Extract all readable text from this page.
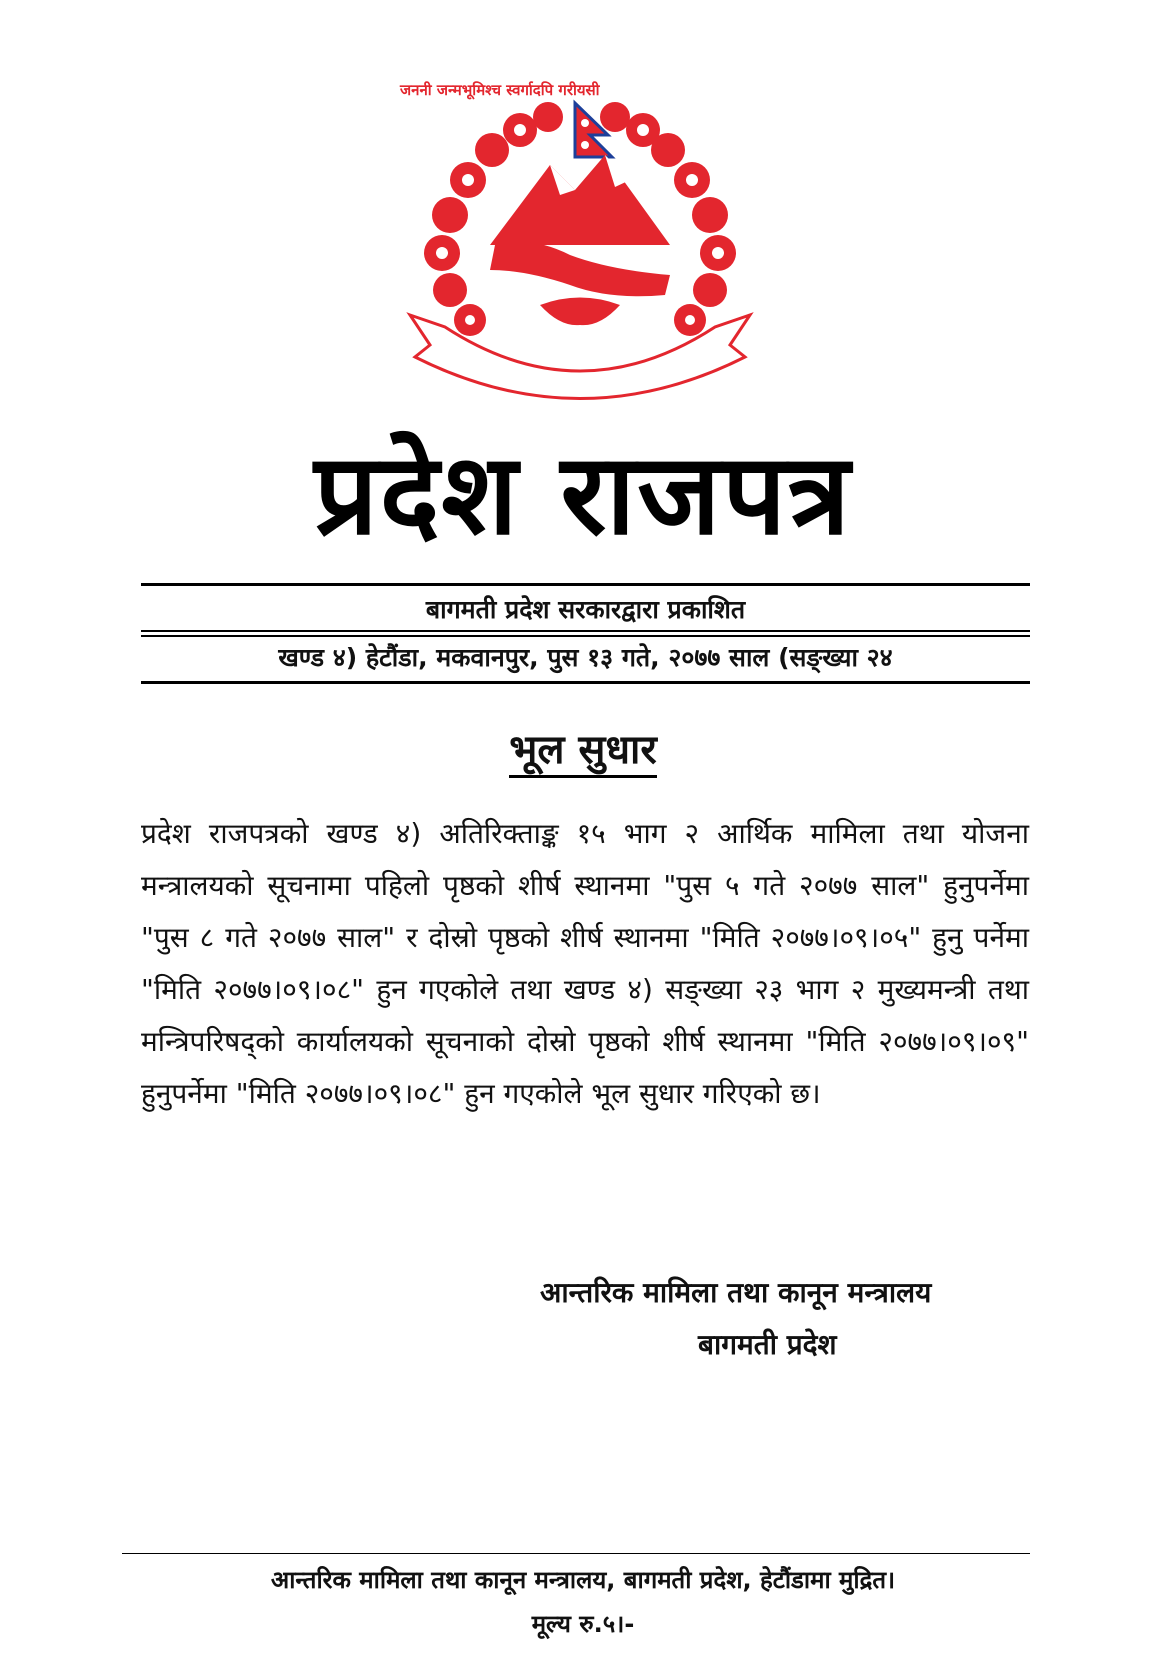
जननी जन्मभूमिश्च स्वर्गादपि गरीयसी
प्रदेश राजपत्र
बागमती प्रदेश सरकारद्वारा प्रकाशित
खण्ड ४) हेटौंडा, मकवानपुर, पुस १३ गते, २०७७ साल (सङ्ख्या २४
भूल सुधार

प्रदेश राजपत्रको खण्ड ४) अतिरिक्ताङ्क १५ भाग २ आर्थिक मामिला तथा योजना मन्त्रालयको सूचनामा पहिलो पृष्ठको शीर्ष स्थानमा "पुस ५ गते २०७७ साल" हुनुपर्नेमा "पुस ८ गते २०७७ साल" र दोस्रो पृष्ठको शीर्ष स्थानमा "मिति २०७७।०९।०५" हुनु पर्नेमा "मिति २०७७।०९।०८" हुन गएकोले तथा खण्ड ४) सङ्ख्या २३ भाग २ मुख्यमन्त्री तथा मन्त्रिपरिषद्को कार्यालयको सूचनाको दोस्रो पृष्ठको शीर्ष स्थानमा "मिति २०७७।०९।०९" हुनुपर्नेमा "मिति २०७७।०९।०८" हुन गएकोले भूल सुधार गरिएको छ।

आन्तरिक मामिला तथा कानून मन्त्रालय
बागमती प्रदेश
आन्तरिक मामिला तथा कानून मन्त्रालय, बागमती प्रदेश, हेटौंडामा मुद्रित।
मूल्य रु.५।-
